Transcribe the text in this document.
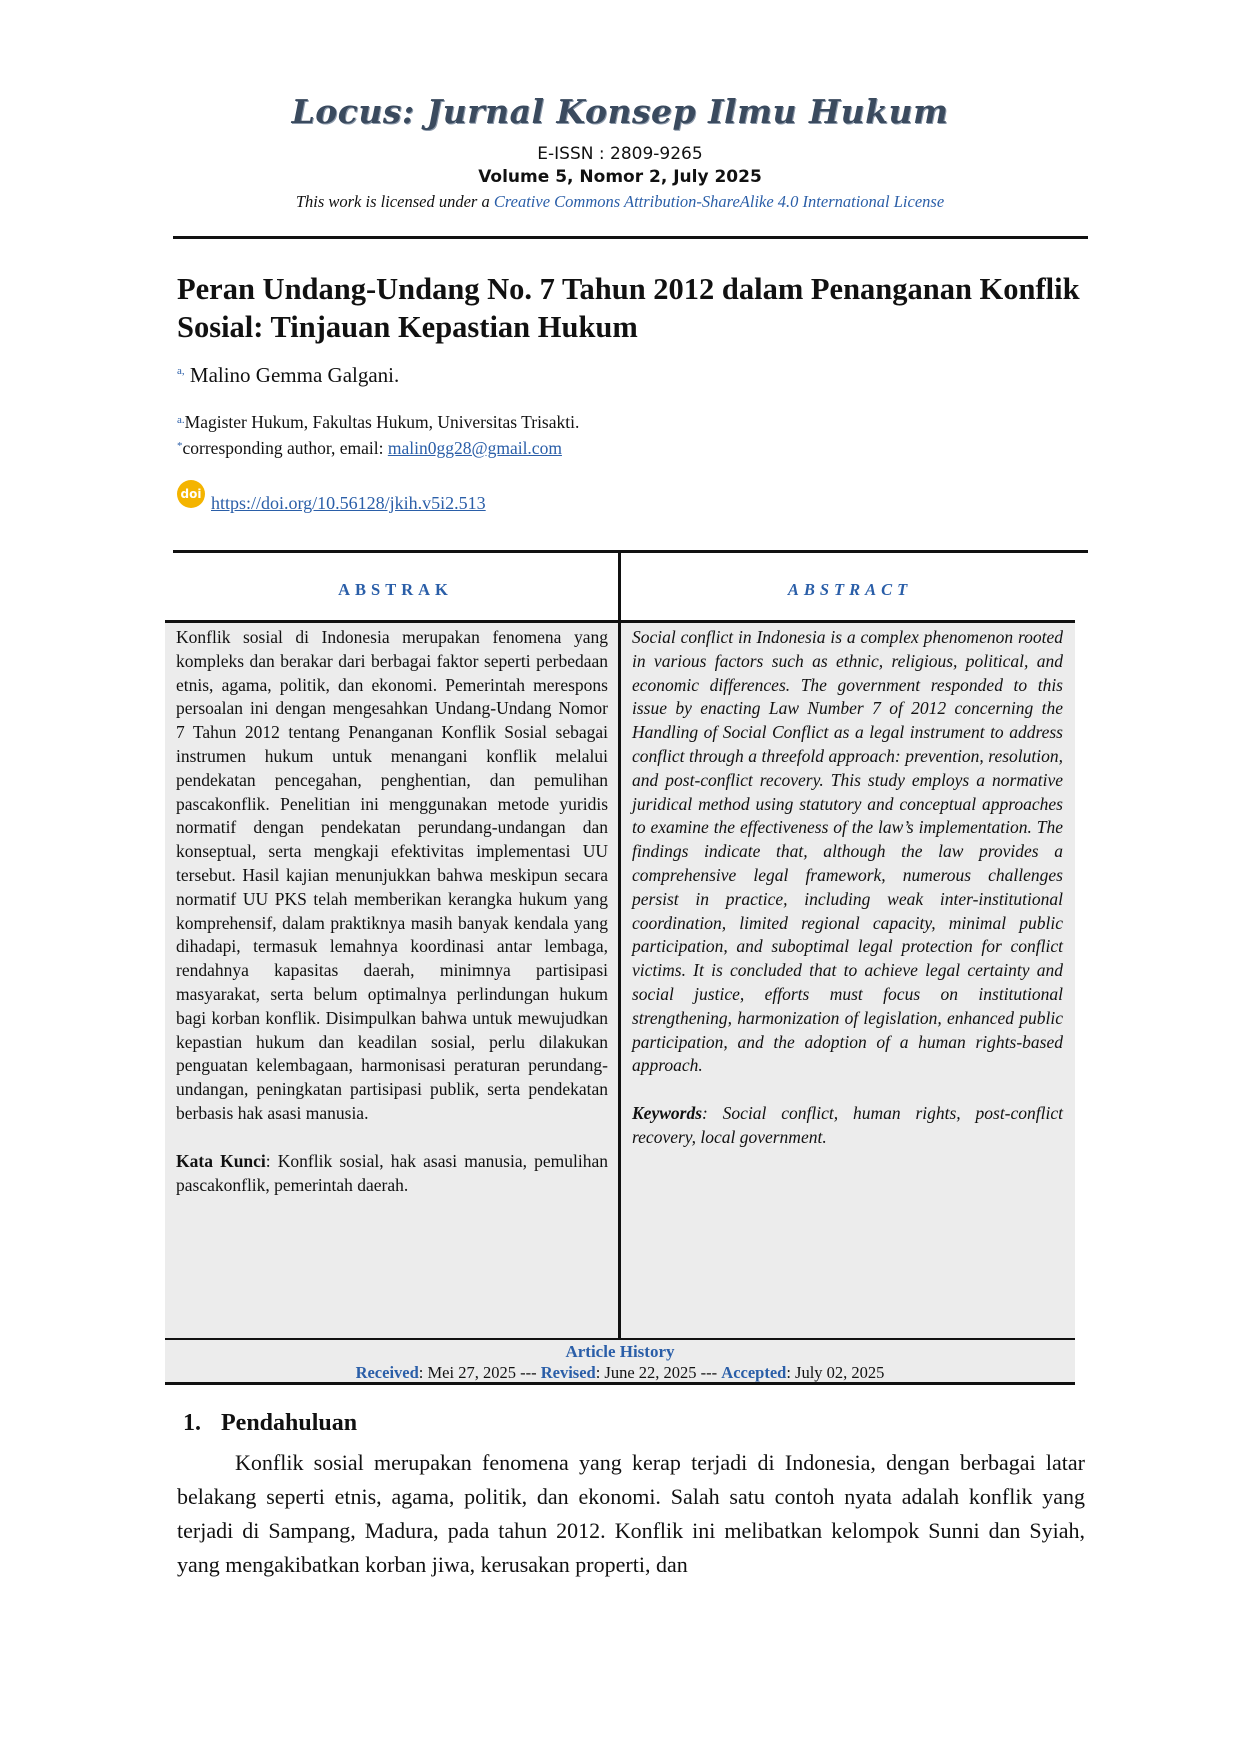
Locus: Jurnal Konsep Ilmu Hukum
E-ISSN : 2809-9265
Volume 5, Nomor 2, July 2025
This work is licensed under a Creative Commons Attribution-ShareAlike 4.0 International License
Peran Undang-Undang No. 7 Tahun 2012 dalam Penanganan Konflik Sosial: Tinjauan Kepastian Hukum
$^{a,}$ Malino Gemma Galgani.
$^{a.}$Magister Hukum, Fakultas Hukum, Universitas Trisakti.
*corresponding author, email: malin0gg28@gmail.com
doi https://doi.org/10.56128/jkih.v5i2.513
ABSTRAK	ABSTRACT

Konflik sosial di Indonesia merupakan fenomena yang kompleks dan berakar dari berbagai faktor seperti perbedaan etnis, agama, politik, dan ekonomi. Pemerintah merespons persoalan ini dengan mengesahkan Undang-Undang Nomor 7 Tahun 2012 tentang Penanganan Konflik Sosial sebagai instrumen hukum untuk menangani konflik melalui pendekatan pencegahan, penghentian, dan pemulihan pascakonflik. Penelitian ini menggunakan metode yuridis normatif dengan pendekatan perundang-undangan dan konseptual, serta mengkaji efektivitas implementasi UU tersebut. Hasil kajian menunjukkan bahwa meskipun secara normatif UU PKS telah memberikan kerangka hukum yang komprehensif, dalam praktiknya masih banyak kendala yang dihadapi, termasuk lemahnya koordinasi antar lembaga, rendahnya kapasitas daerah, minimnya partisipasi masyarakat, serta belum optimalnya perlindungan hukum bagi korban konflik. Disimpulkan bahwa untuk mewujudkan kepastian hukum dan keadilan sosial, perlu dilakukan penguatan kelembagaan, harmonisasi peraturan perundang-undangan, peningkatan partisipasi publik, serta pendekatan berbasis hak asasi manusia.

Kata Kunci: Konflik sosial, hak asasi manusia, pemulihan pascakonflik, pemerintah daerah.

Social conflict in Indonesia is a complex phenomenon rooted in various factors such as ethnic, religious, political, and economic differences. The government responded to this issue by enacting Law Number 7 of 2012 concerning the Handling of Social Conflict as a legal instrument to address conflict through a threefold approach: prevention, resolution, and post-conflict recovery. This study employs a normative juridical method using statutory and conceptual approaches to examine the effectiveness of the law’s implementation. The findings indicate that, although the law provides a comprehensive legal framework, numerous challenges persist in practice, including weak inter-institutional coordination, limited regional capacity, minimal public participation, and suboptimal legal protection for conflict victims. It is concluded that to achieve legal certainty and social justice, efforts must focus on institutional strengthening, harmonization of legislation, enhanced public participation, and the adoption of a human rights-based approach.

Keywords: Social conflict, human rights, post-conflict recovery, local government.

Article History
Received: Mei 27, 2025 --- Revised: June 22, 2025 --- Accepted: July 02, 2025
1. Pendahuluan
Konflik sosial merupakan fenomena yang kerap terjadi di Indonesia, dengan berbagai latar belakang seperti etnis, agama, politik, dan ekonomi. Salah satu contoh nyata adalah konflik yang terjadi di Sampang, Madura, pada tahun 2012. Konflik ini melibatkan kelompok Sunni dan Syiah, yang mengakibatkan korban jiwa, kerusakan properti, dan
